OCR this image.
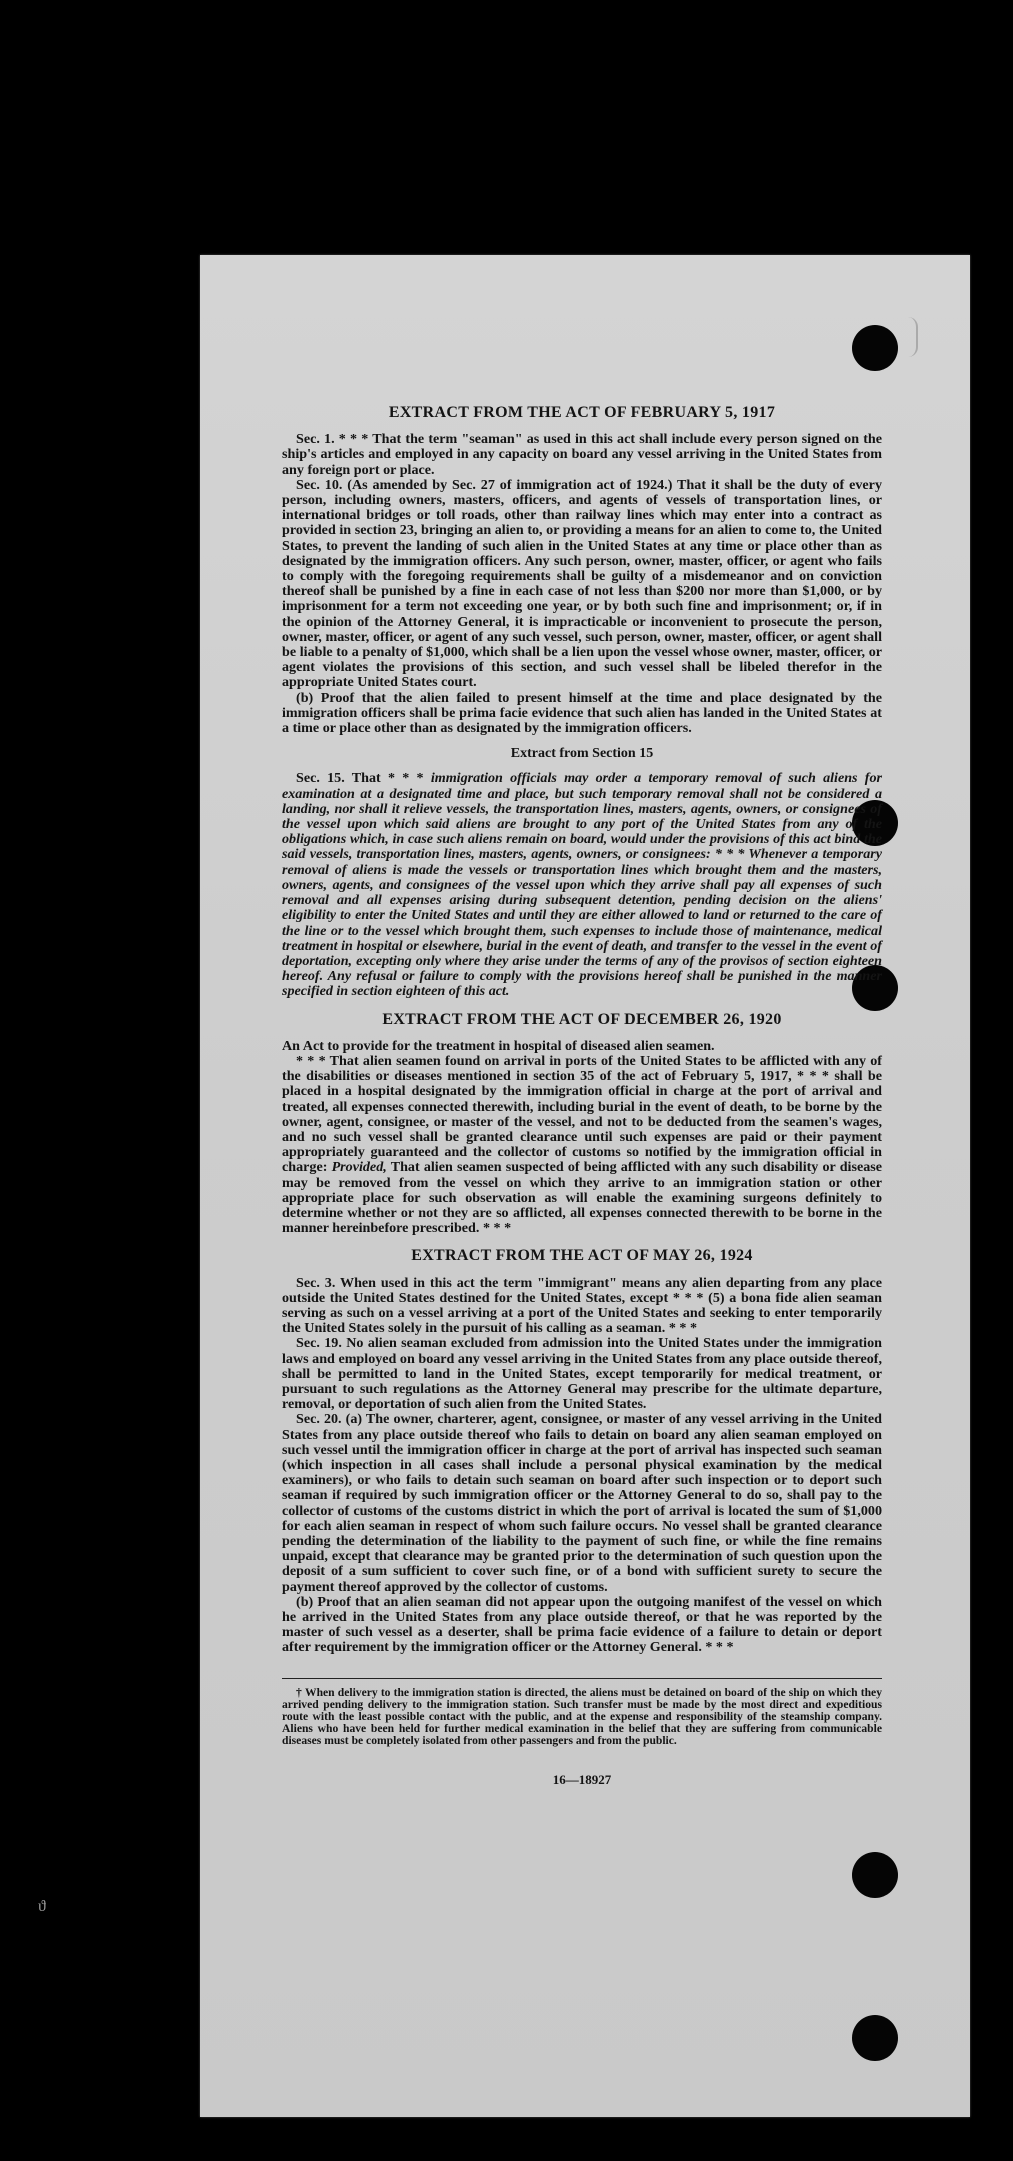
EXTRACT FROM THE ACT OF FEBRUARY 5, 1917

Sec. 1. * * * That the term "seaman" as used in this act shall include every person signed on the ship's articles and employed in any capacity on board any vessel arriving in the United States from any foreign port or place.

Sec. 10. (As amended by Sec. 27 of immigration act of 1924.) That it shall be the duty of every person, including owners, masters, officers, and agents of vessels of transportation lines, or international bridges or toll roads, other than railway lines which may enter into a contract as provided in section 23, bringing an alien to, or providing a means for an alien to come to, the United States, to prevent the landing of such alien in the United States at any time or place other than as designated by the immigration officers. Any such person, owner, master, officer, or agent who fails to comply with the foregoing requirements shall be guilty of a misdemeanor and on conviction thereof shall be punished by a fine in each case of not less than $200 nor more than $1,000, or by imprisonment for a term not exceeding one year, or by both such fine and imprisonment; or, if in the opinion of the Attorney General, it is impracticable or inconvenient to prosecute the person, owner, master, officer, or agent of any such vessel, such person, owner, master, officer, or agent shall be liable to a penalty of $1,000, which shall be a lien upon the vessel whose owner, master, officer, or agent violates the provisions of this section, and such vessel shall be libeled therefor in the appropriate United States court.

(b) Proof that the alien failed to present himself at the time and place designated by the immigration officers shall be prima facie evidence that such alien has landed in the United States at a time or place other than as designated by the immigration officers.

Extract from Section 15

Sec. 15. That * * * immigration officials may order a temporary removal of such aliens for examination at a designated time and place, but such temporary removal shall not be considered a landing, nor shall it relieve vessels, the transportation lines, masters, agents, owners, or consignees of the vessel upon which said aliens are brought to any port of the United States from any of the obligations which, in case such aliens remain on board, would under the provisions of this act bind the said vessels, transportation lines, masters, agents, owners, or consignees: * * * Whenever a temporary removal of aliens is made the vessels or transportation lines which brought them and the masters, owners, agents, and consignees of the vessel upon which they arrive shall pay all expenses of such removal and all expenses arising during subsequent detention, pending decision on the aliens' eligibility to enter the United States and until they are either allowed to land or returned to the care of the line or to the vessel which brought them, such expenses to include those of maintenance, medical treatment in hospital or elsewhere, burial in the event of death, and transfer to the vessel in the event of deportation, excepting only where they arise under the terms of any of the provisos of section eighteen hereof. Any refusal or failure to comply with the provisions hereof shall be punished in the manner specified in section eighteen of this act.

EXTRACT FROM THE ACT OF DECEMBER 26, 1920

An Act to provide for the treatment in hospital of diseased alien seamen.

* * * That alien seamen found on arrival in ports of the United States to be afflicted with any of the disabilities or diseases mentioned in section 35 of the act of February 5, 1917, * * * shall be placed in a hospital designated by the immigration official in charge at the port of arrival and treated, all expenses connected therewith, including burial in the event of death, to be borne by the owner, agent, consignee, or master of the vessel, and not to be deducted from the seamen's wages, and no such vessel shall be granted clearance until such expenses are paid or their payment appropriately guaranteed and the collector of customs so notified by the immigration official in charge: Provided, That alien seamen suspected of being afflicted with any such disability or disease may be removed from the vessel on which they arrive to an immigration station or other appropriate place for such observation as will enable the examining surgeons definitely to determine whether or not they are so afflicted, all expenses connected therewith to be borne in the manner hereinbefore prescribed. * * *

EXTRACT FROM THE ACT OF MAY 26, 1924

Sec. 3. When used in this act the term "immigrant" means any alien departing from any place outside the United States destined for the United States, except * * * (5) a bona fide alien seaman serving as such on a vessel arriving at a port of the United States and seeking to enter temporarily the United States solely in the pursuit of his calling as a seaman. * * *

Sec. 19. No alien seaman excluded from admission into the United States under the immigration laws and employed on board any vessel arriving in the United States from any place outside thereof, shall be permitted to land in the United States, except temporarily for medical treatment, or pursuant to such regulations as the Attorney General may prescribe for the ultimate departure, removal, or deportation of such alien from the United States.

Sec. 20. (a) The owner, charterer, agent, consignee, or master of any vessel arriving in the United States from any place outside thereof who fails to detain on board any alien seaman employed on such vessel until the immigration officer in charge at the port of arrival has inspected such seaman (which inspection in all cases shall include a personal physical examination by the medical examiners), or who fails to detain such seaman on board after such inspection or to deport such seaman if required by such immigration officer or the Attorney General to do so, shall pay to the collector of customs of the customs district in which the port of arrival is located the sum of $1,000 for each alien seaman in respect of whom such failure occurs. No vessel shall be granted clearance pending the determination of the liability to the payment of such fine, or while the fine remains unpaid, except that clearance may be granted prior to the determination of such question upon the deposit of a sum sufficient to cover such fine, or of a bond with sufficient surety to secure the payment thereof approved by the collector of customs.

(b) Proof that an alien seaman did not appear upon the outgoing manifest of the vessel on which he arrived in the United States from any place outside thereof, or that he was reported by the master of such vessel as a deserter, shall be prima facie evidence of a failure to detain or deport after requirement by the immigration officer or the Attorney General. * * *

† When delivery to the immigration station is directed, the aliens must be detained on board of the ship on which they arrived pending delivery to the immigration station. Such transfer must be made by the most direct and expeditious route with the least possible contact with the public, and at the expense and responsibility of the steamship company. Aliens who have been held for further medical examination in the belief that they are suffering from communicable diseases must be completely isolated from other passengers and from the public.

16—18927
ϑ
